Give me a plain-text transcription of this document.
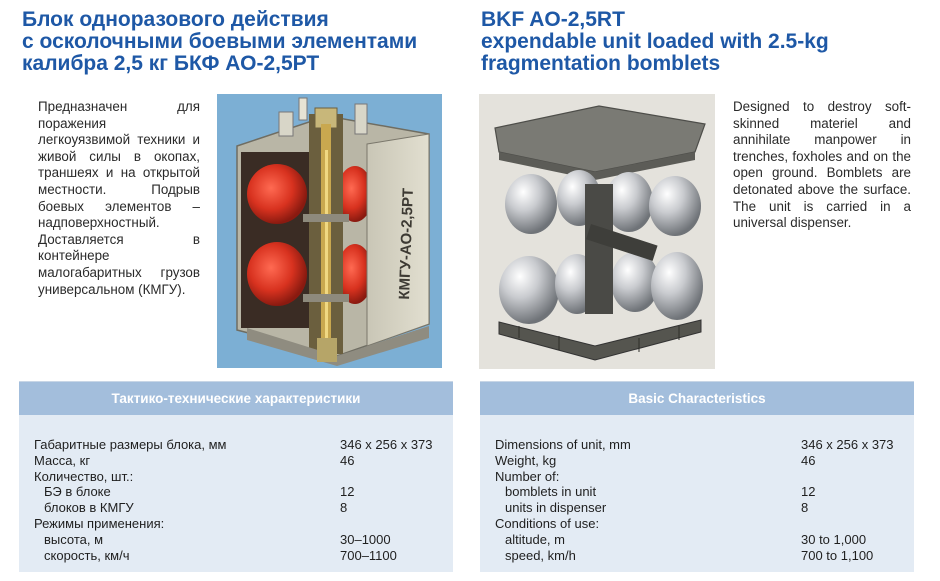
Блок одноразового действия
с осколочными боевыми элементами
калибра 2,5 кг БКФ АО-2,5РТ

Предназначен для поражения легкоуязвимой техники и живой силы в окопах, траншеях и на открытой местности. Подрыв боевых элементов – надповерхностный. Доставляется в контейнере малогабаритных грузов универсальном (КМГУ).	КМГУ-АО-2,5РТ
Тактико-технические характеристики
Габаритные размеры блока, мм	346 x 256 x 373
Масса, кг	46
Количество, шт.:
БЭ в блоке	12
блоков в КМГУ	8
Режимы применения:
высота, м	30–1000
скорость, км/ч	700–1100
BKF AO-2,5RT
expendable unit loaded with 2.5-kg
fragmentation bomblets

Designed to destroy soft-skinned materiel and annihilate manpower in trenches, foxholes and on the open ground. Bomblets are detonated above the surface. The unit is carried in a universal dispenser.

Basic Characteristics
Dimensions of unit, mm	346 x 256 x 373
Weight, kg	46
Number of:
bomblets in unit	12
units in dispenser	8
Conditions of use:
altitude, m	30 to 1,000
speed, km/h	700 to 1,100
